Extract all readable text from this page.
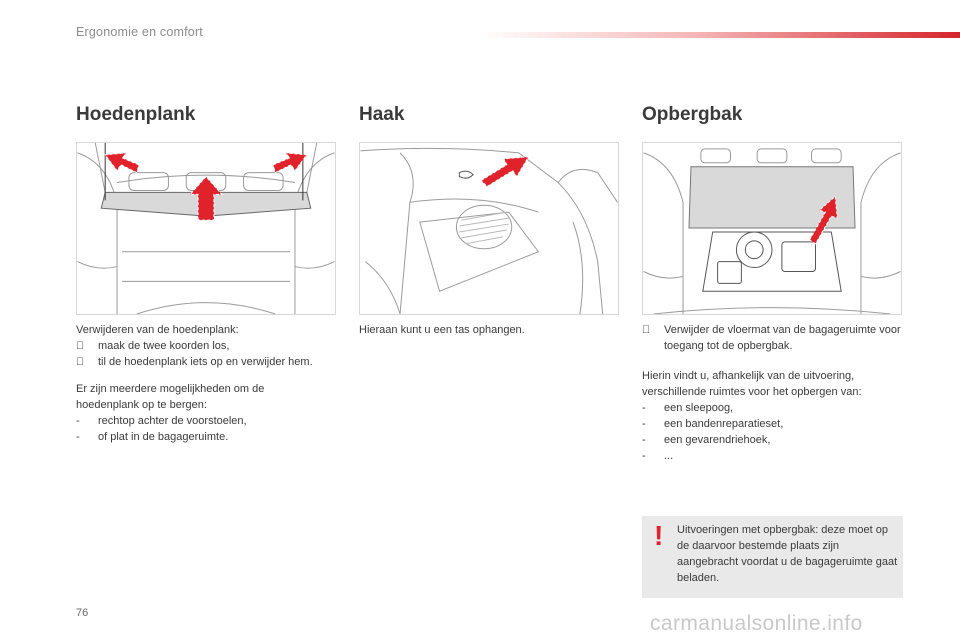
Ergonomie en comfort
Hoedenplank

Verwijderen van de hoedenplank:

maak de twee koorden los,
til de hoedenplank iets op en verwijder hem.

Er zijn meerdere mogelijkheden om de hoedenplank op te bergen:

- rechtop achter de voorstoelen,
- of plat in de bagageruimte.
Haak
Hieraan kunt u een tas ophangen.
Opbergbak
Verwijder de vloermat van de bagageruimte voor toegang tot de opbergbak.

Hierin vindt u, afhankelijk van de uitvoering, verschillende ruimtes voor het opbergen van:

- een sleepoog,
- een bandenreparatieset,
- een gevarendriehoek,
- ...
! Uitvoeringen met opbergbak: deze moet op de daarvoor bestemde plaats zijn aangebracht voordat u de bagageruimte gaat beladen.
76	carmanualsonline.info
